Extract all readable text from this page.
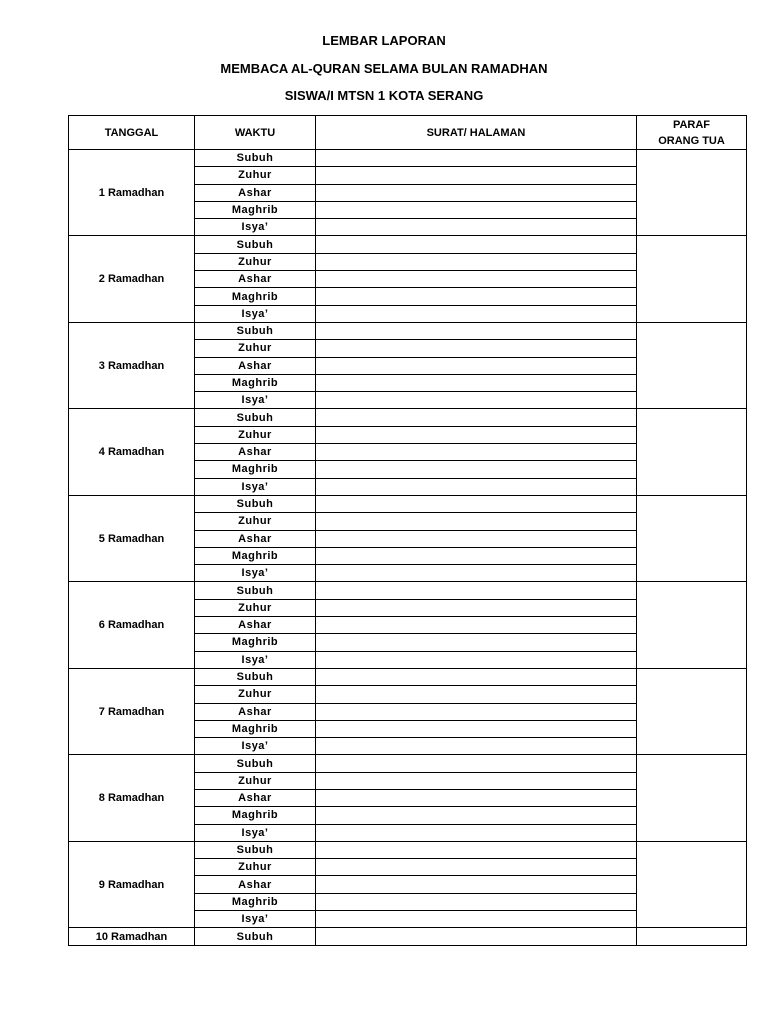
LEMBAR LAPORAN
MEMBACA AL-QURAN SELAMA BULAN RAMADHAN
SISWA/I MTSN 1 KOTA SERANG
TANGGAL	WAKTU	SURAT/ HALAMAN	PARAF
ORANG TUA
1 Ramadhan	Subuh		
	Zuhur		
	Ashar		
	Maghrib		
	Isya’		
2 Ramadhan	Subuh		
	Zuhur		
	Ashar		
	Maghrib		
	Isya’		
3 Ramadhan	Subuh		
	Zuhur		
	Ashar		
	Maghrib		
	Isya’		
4 Ramadhan	Subuh		
	Zuhur		
	Ashar		
	Maghrib		
	Isya’		
5 Ramadhan	Subuh		
	Zuhur		
	Ashar		
	Maghrib		
	Isya’		
6 Ramadhan	Subuh		
	Zuhur		
	Ashar		
	Maghrib		
	Isya’		
7 Ramadhan	Subuh		
	Zuhur		
	Ashar		
	Maghrib		
	Isya’		
8 Ramadhan	Subuh		
	Zuhur		
	Ashar		
	Maghrib		
	Isya’		
9 Ramadhan	Subuh		
	Zuhur		
	Ashar		
	Maghrib		
	Isya’		
10 Ramadhan	Subuh		
